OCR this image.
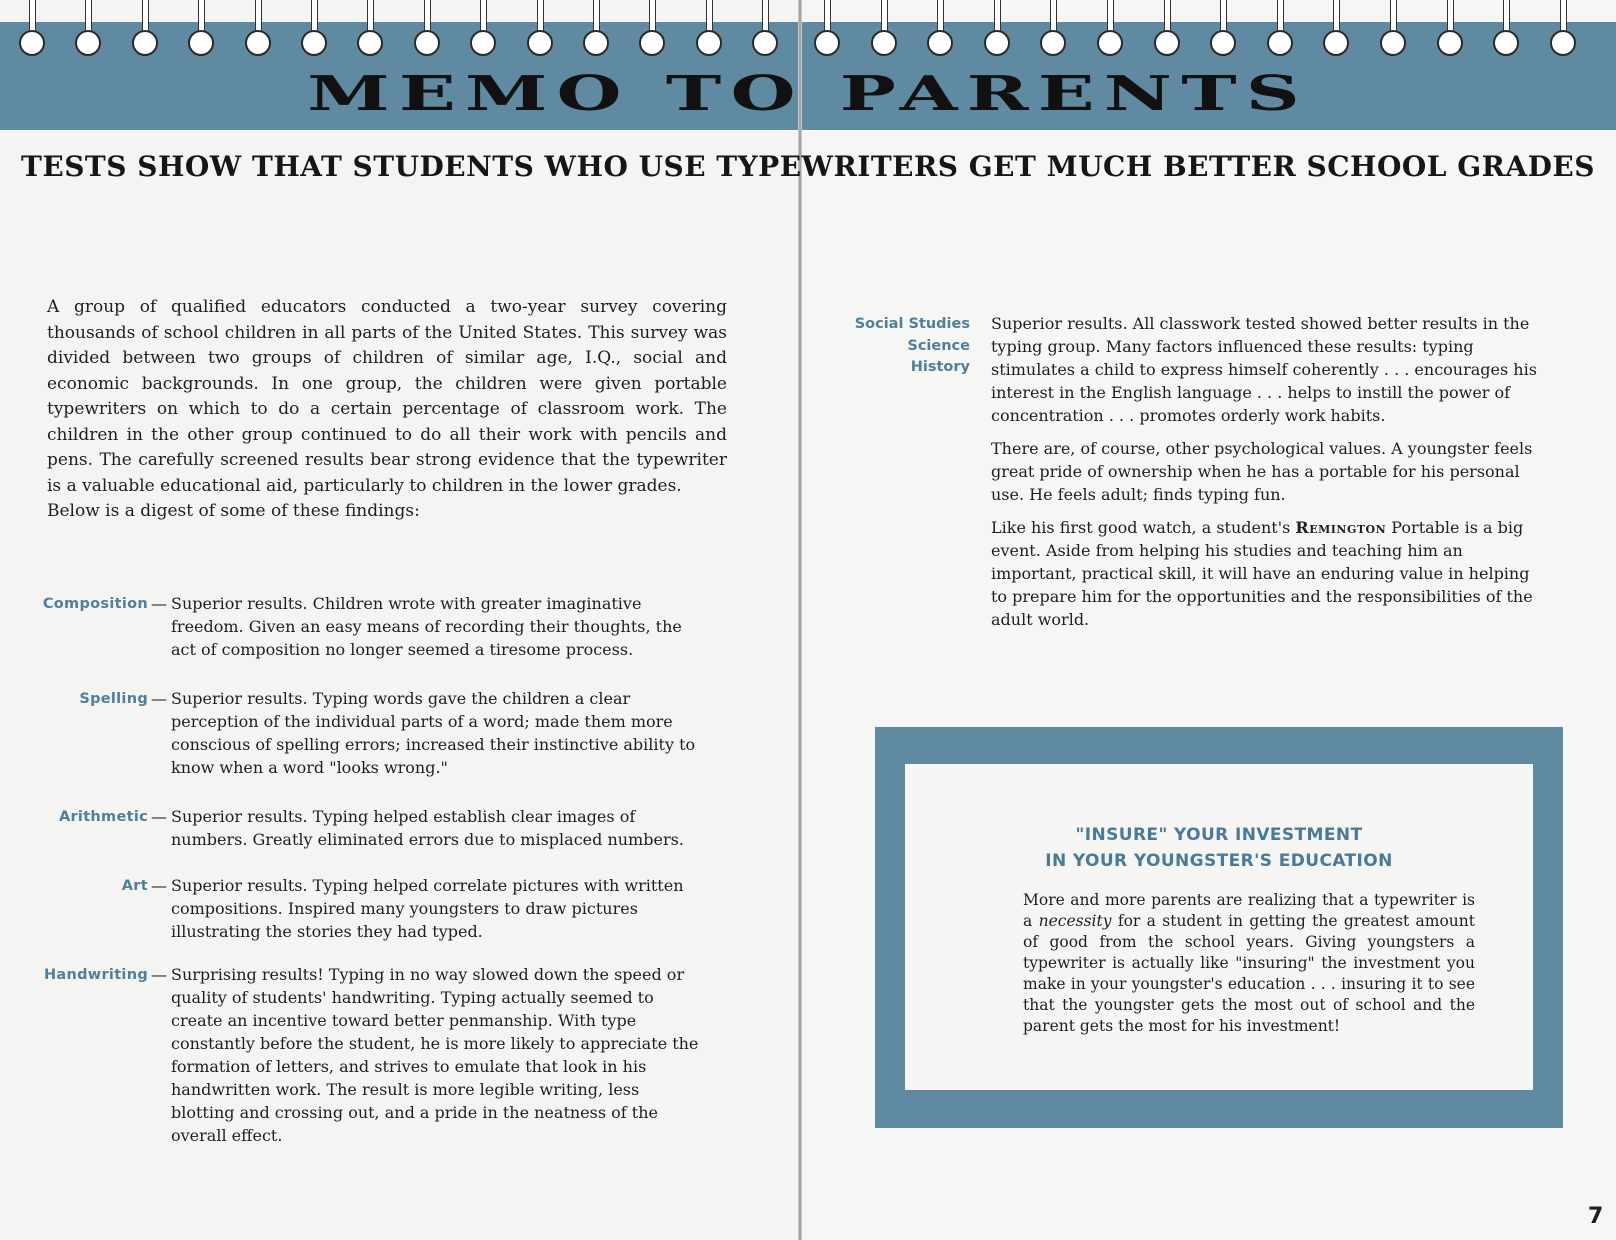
MEMO TO PARENTS
TESTS SHOW THAT STUDENTS WHO USE TYPEWRITERS GET MUCH BETTER SCHOOL GRADES

A group of qualified educators conducted a two-year survey covering thousands of school children in all parts of the United States. This survey was divided between two groups of children of similar age, I.Q., social and economic backgrounds. In one group, the children were given portable typewriters on which to do a certain percentage of classroom work. The children in the other group continued to do all their work with pencils and pens. The carefully screened results bear strong evidence that the typewriter is a valuable educational aid, particularly to children in the lower grades.

Below is a digest of some of these findings:

Composition — Superior results. Children wrote with greater imaginative freedom. Given an easy means of recording their thoughts, the act of composition no longer seemed a tiresome process.
Spelling — Superior results. Typing words gave the children a clear perception of the individual parts of a word; made them more conscious of spelling errors; increased their instinctive ability to know when a word "looks wrong."
Arithmetic — Superior results. Typing helped establish clear images of numbers. Greatly eliminated errors due to misplaced numbers.
Art — Superior results. Typing helped correlate pictures with written compositions. Inspired many youngsters to draw pictures illustrating the stories they had typed.
Handwriting — Surprising results! Typing in no way slowed down the speed or quality of students' handwriting. Typing actually seemed to create an incentive toward better penmanship. With type constantly before the student, he is more likely to appreciate the formation of letters, and strives to emulate that look in his handwritten work. The result is more legible writing, less blotting and crossing out, and a pride in the neatness of the overall effect.
Social Studies
Science
History

Superior results. All classwork tested showed better results in the typing group. Many factors influenced these results: typing stimulates a child to express himself coherently . . . encourages his interest in the English language . . . helps to instill the power of concentration . . . promotes orderly work habits.

There are, of course, other psychological values. A youngster feels great pride of ownership when he has a portable for his personal use. He feels adult; finds typing fun.

Like his first good watch, a student's Remington Portable is a big event. Aside from helping his studies and teaching him an important, practical skill, it will have an enduring value in helping to prepare him for the opportunities and the responsibilities of the adult world.

"INSURE" YOUR INVESTMENT
IN YOUR YOUNGSTER'S EDUCATION
More and more parents are realizing that a typewriter is a necessity for a student in getting the greatest amount of good from the school years. Giving youngsters a typewriter is actually like "insuring" the investment you make in your youngster's education . . . insuring it to see that the youngster gets the most out of school and the parent gets the most for his investment!
7
